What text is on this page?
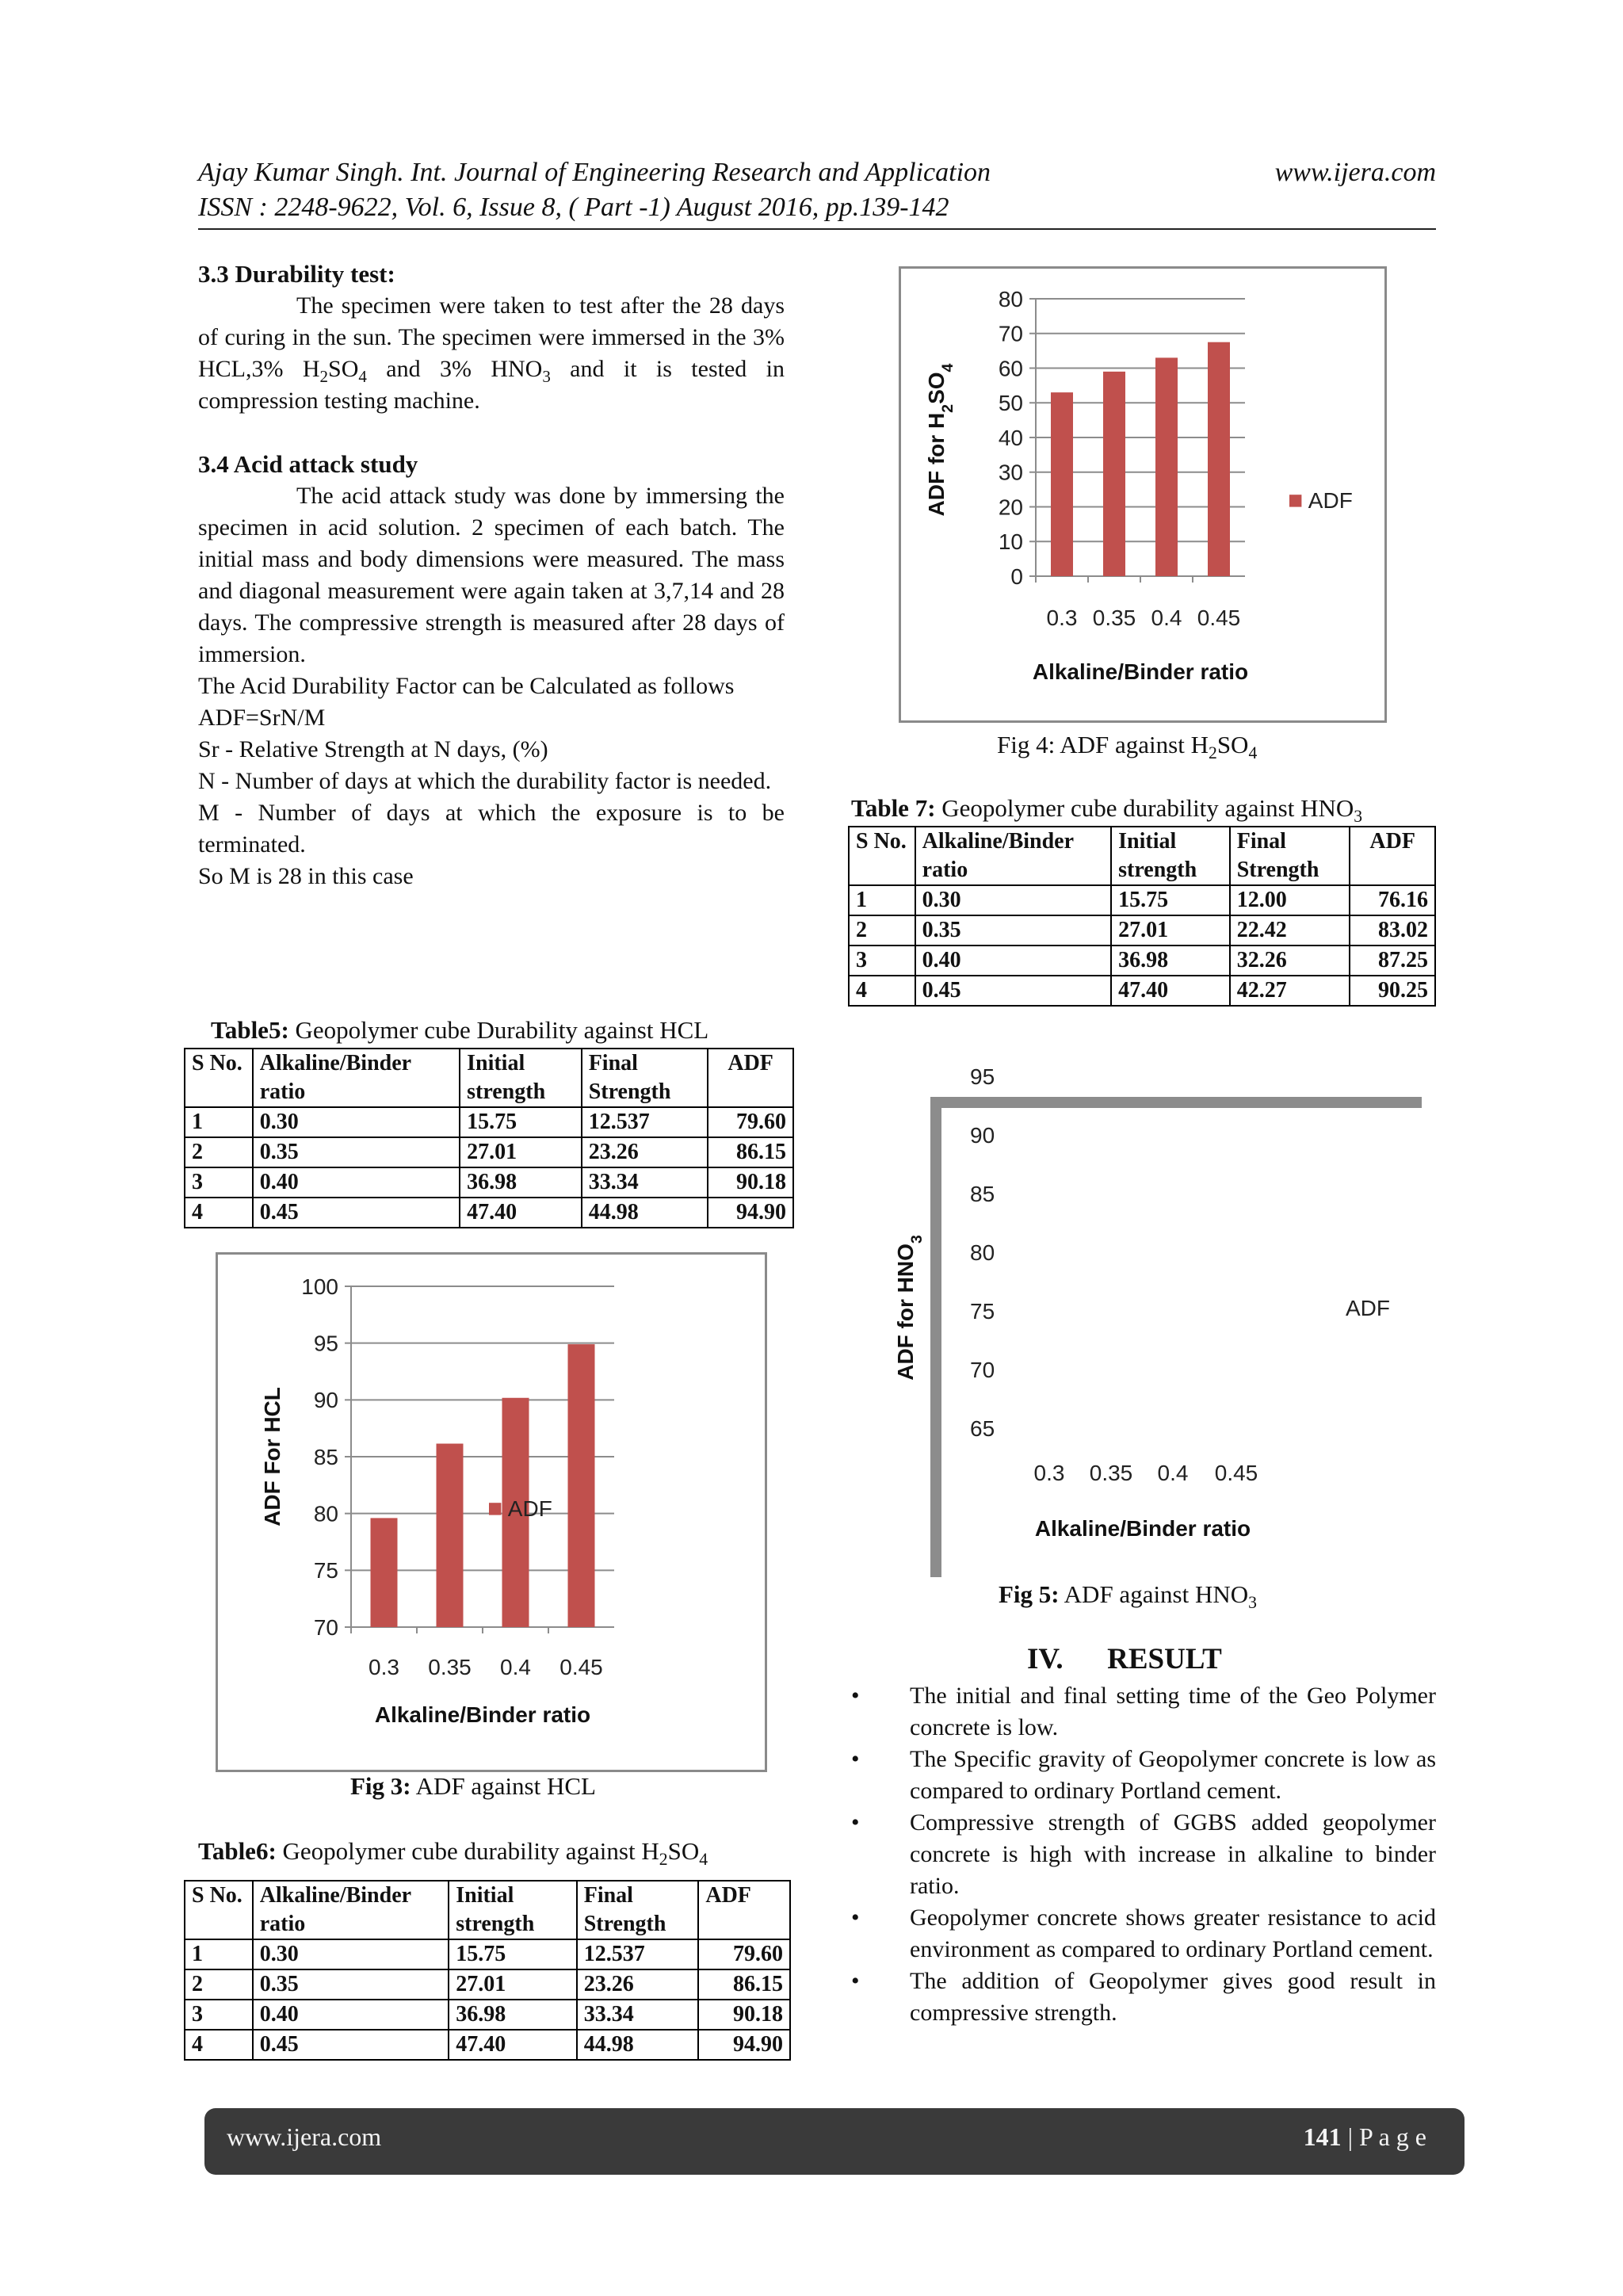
Ajay Kumar Singh. Int. Journal of Engineering Research and Application	www.ijera.com
ISSN : 2248-9622, Vol. 6, Issue 8, ( Part -1) August 2016, pp.139-142
3.3 Durability test:
The specimen were taken to test after the 28 days of curing in the sun. The specimen were immersed in the 3% HCL,3% $H_2SO_4$ and 3% $HNO_3$ and it is tested in compression testing machine.
3.4 Acid attack study
The acid attack study was done by immersing the specimen in acid solution. 2 specimen of each batch. The initial mass and body dimensions were measured. The mass and diagonal measurement were again taken at 3,7,14 and 28 days. The compressive strength is measured after 28 days of immersion.
The Acid Durability Factor can be Calculated as follows
ADF=SrN/M
Sr - Relative Strength at N days, (%)
N - Number of days at which the durability factor is needed.
M - Number of days at which the exposure is to be terminated.
So M is 28 in this case
Table5: Geopolymer cube Durability against HCL
S No.	Alkaline/Binder ratio	Initial strength	Final Strength	ADF
1	0.30	15.75	12.537	79.60
2	0.35	27.01	23.26	86.15
3	0.40	36.98	33.34	90.18
4	0.45	47.40	44.98	94.90
100
95
90
85
80
75
70
0.3 0.35 0.4 0.45
Alkaline/Binder ratio
ADF
ADF For HCL
Fig 3: ADF against HCL
Table6: Geopolymer cube durability against $H_2SO_4$
S No.	Alkaline/Binder ratio	Initial strength	Final Strength	ADF
1	0.30	15.75	12.537	79.60
2	0.35	27.01	23.26	86.15
3	0.40	36.98	33.34	90.18
4	0.45	47.40	44.98	94.90
80
70
60
50
40
30
20
10
0
0.3 0.35 0.4 0.45
Alkaline/Binder ratio
ADF
ADF for $H_2SO_4$
Fig 4: ADF against $H_2SO_4$
Table 7: Geopolymer cube durability against $HNO_3$
S No.	Alkaline/Binder ratio	Initial strength	Final Strength	ADF
1	0.30	15.75	12.00	76.16
2	0.35	27.01	22.42	83.02
3	0.40	36.98	32.26	87.25
4	0.45	47.40	42.27	90.25
95
90
85
80
75
70
65
0.3 0.35 0.4 0.45
Alkaline/Binder ratio
ADF
ADF for $HNO_3$
Fig 5: ADF against $HNO_3$
IV.      RESULT
• The initial and final setting time of the Geo Polymer concrete is low.
• The Specific gravity of Geopolymer concrete is low as compared to ordinary Portland cement.
• Compressive strength of GGBS added geopolymer concrete is high with increase in alkaline to binder ratio.
• Geopolymer concrete shows greater resistance to acid environment as compared to ordinary Portland cement.
• The addition of Geopolymer gives good result in compressive strength.
www.ijera.com	141 | P a g e
